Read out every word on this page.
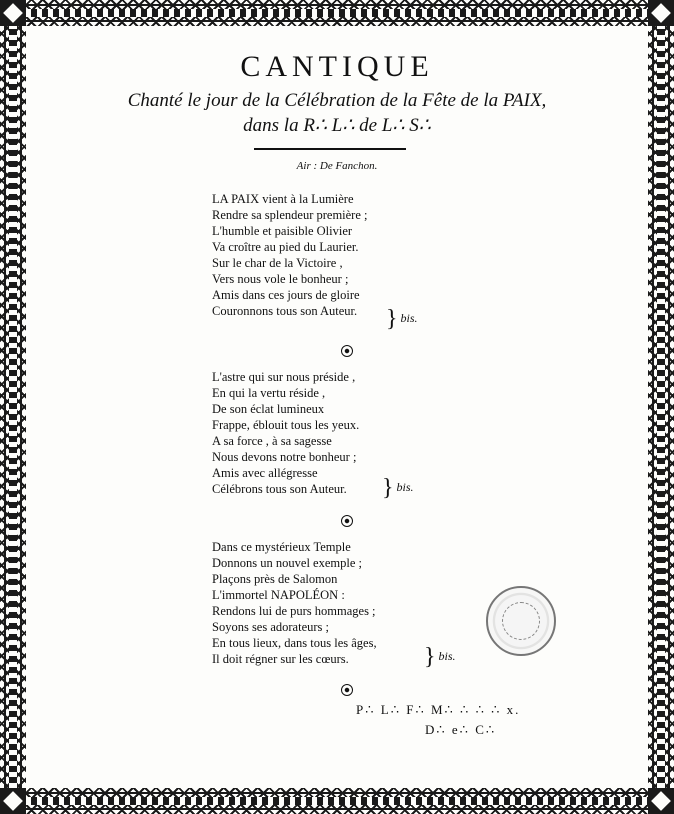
CANTIQUE
Chanté le jour de la Célébration de la Fête de la PAIX,
dans la R∴ L∴ de L∴ S∴
Air : De Fanchon.
LA PAIX vient à la Lumière
Rendre sa splendeur première ;
L'humble et paisible Olivier
Va croître au pied du Laurier.
Sur le char de la Victoire ,
Vers nous vole le bonheur ;
Amis dans ces jours de gloire
Couronnons tous son Auteur.	} bis.
L'astre qui sur nous préside ,
En qui la vertu réside ,
De son éclat lumineux
Frappe, éblouit tous les yeux.
A sa force , à sa sagesse
Nous devons notre bonheur ;
Amis avec allégresse
Célébrons tous son Auteur.	} bis.
Dans ce mystérieux Temple
Donnons un nouvel exemple ;
Plaçons près de Salomon
L'immortel NAPOLÉON :
Rendons lui de purs hommages ;
Soyons ses adorateurs ;
En tous lieux, dans tous les âges,
Il doit régner sur les cœurs.	} bis.
P∴ L∴ F∴ M∴ ∴ ∴ ∴ x.
D∴ e∴ C∴
